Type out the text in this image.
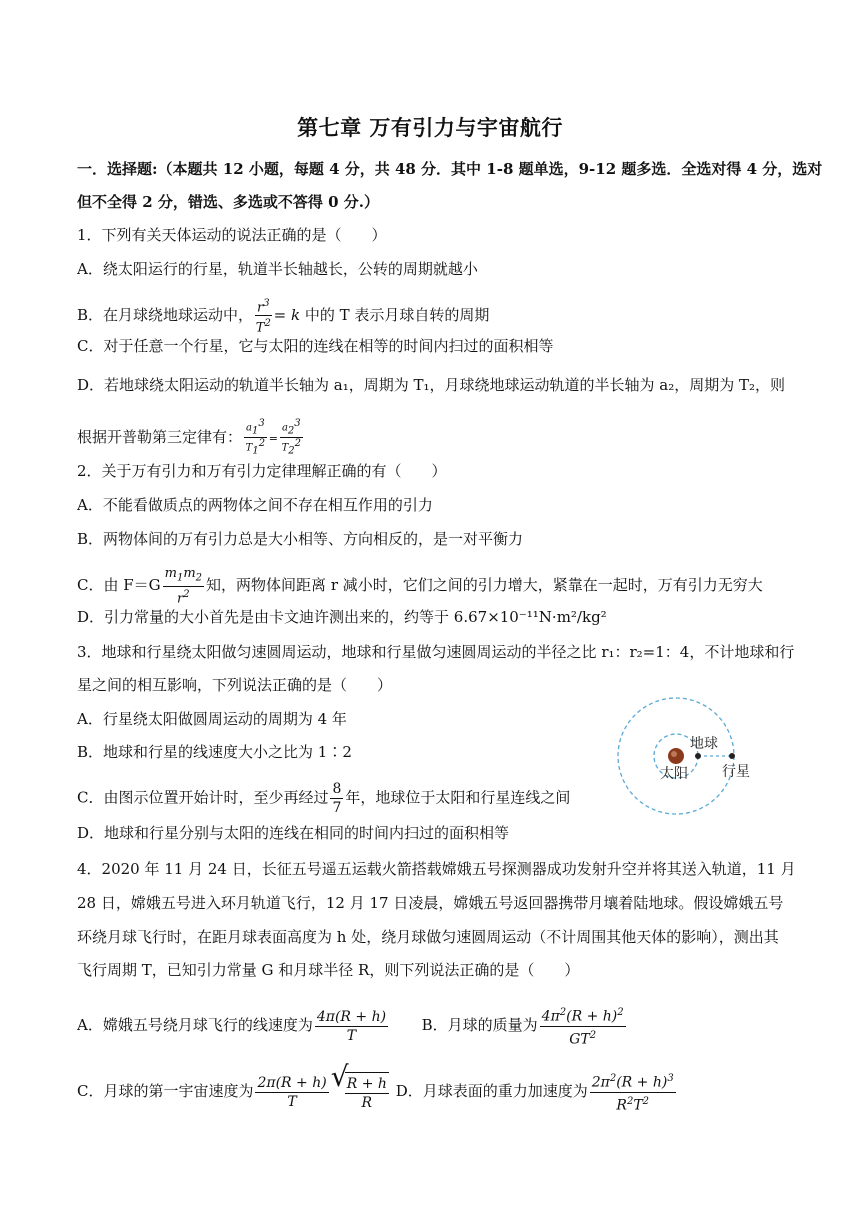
第七章 万有引力与宇宙航行
一．选择题:（本题共 12 小题，每题 4 分，共 48 分．其中 1-8 题单选，9-12 题多选．全选对得 4 分，选对
但不全得 2 分，错选、多选或不答得 0 分.）
1．下列有关天体运动的说法正确的是（　　）
A．绕太阳运行的行星，轨道半长轴越长，公转的周期就越小
B．在月球绕地球运动中， $\frac{r^3}{T^2} = k$ 中的 T 表示月球自转的周期
C．对于任意一个行星，它与太阳的连线在相等的时间内扫过的面积相等
D．若地球绕太阳运动的轨道半长轴为 a₁，周期为 T₁，月球绕地球运动轨道的半长轴为 a₂，周期为 T₂，则
根据开普勒第三定律有： $\frac{a_1^3}{T_1^2} = \frac{a_2^3}{T_2^2}$
2．关于万有引力和万有引力定律理解正确的有（　　）
A．不能看做质点的两物体之间不存在相互作用的引力
B．两物体间的万有引力总是大小相等、方向相反的，是一对平衡力
C．由 $F=G \frac{m_1m_2}{r^2}$ 知，两物体间距离 r 减小时，它们之间的引力增大，紧靠在一起时，万有引力无穷大
D．引力常量的大小首先是由卡文迪许测出来的，约等于 6.67×10⁻¹¹N·m²/kg²
3．地球和行星绕太阳做匀速圆周运动，地球和行星做匀速圆周运动的半径之比 r₁：r₂=1：4，不计地球和行
星之间的相互影响，下列说法正确的是（　　）
A．行星绕太阳做圆周运动的周期为 4 年
B．地球和行星的线速度大小之比为 1∶2
C．由图示位置开始计时，至少再经过 $\frac{8}{7}$ 年，地球位于太阳和行星连线之间
D．地球和行星分别与太阳的连线在相同的时间内扫过的面积相等
地球
太阳 行星
4．2020 年 11 月 24 日，长征五号遥五运载火箭搭载嫦娥五号探测器成功发射升空并将其送入轨道，11 月
28 日，嫦娥五号进入环月轨道飞行，12 月 17 日凌晨，嫦娥五号返回器携带月壤着陆地球。假设嫦娥五号
环绕月球飞行时，在距月球表面高度为 h 处，绕月球做匀速圆周运动（不计周围其他天体的影响），测出其
飞行周期 T，已知引力常量 G 和月球半径 R，则下列说法正确的是（　　）
A．嫦娥五号绕月球飞行的线速度为 $\frac{4\pi(R + h)}{T}$ B．月球的质量为 $\frac{4\pi^2(R + h)^2}{GT^2}$
C．月球的第一宇宙速度为 $\frac{2\pi(R + h)}{T}$
√ $\frac{R + h}{R}$ D．月球表面的重力加速度为 $\frac{2\pi^2(R + h)^3}{R^2T^2}$
